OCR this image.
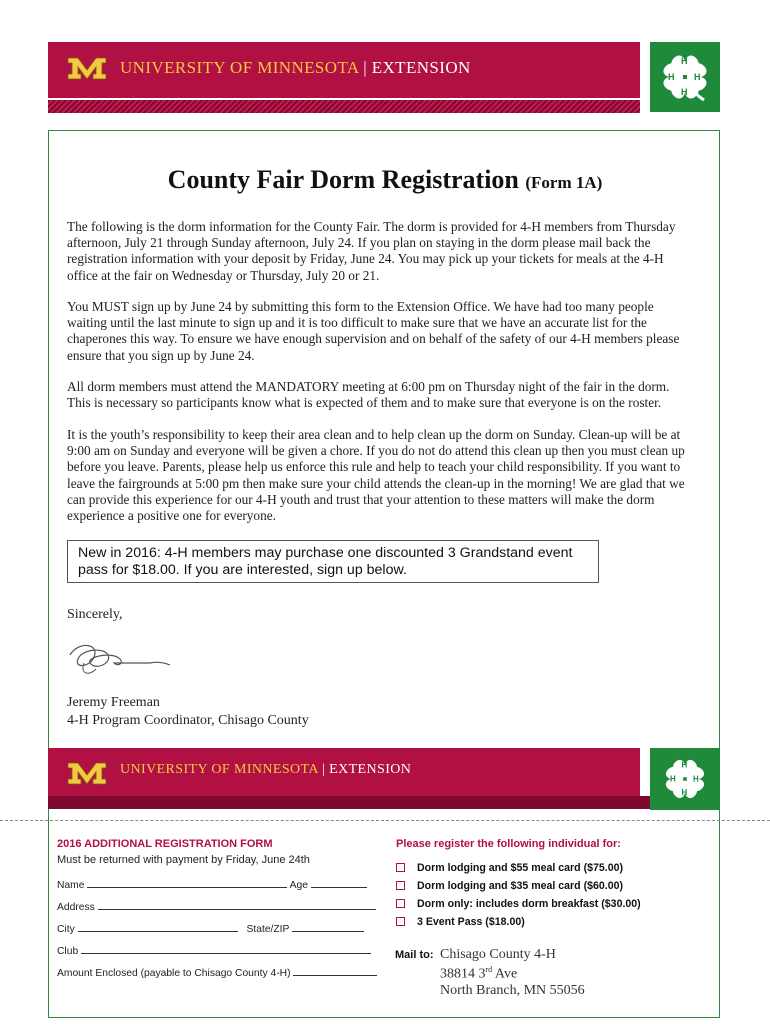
UNIVERSITY OF MINNESOTA | EXTENSION	H
H
H
H
County Fair Dorm Registration (Form 1A)

The following is the dorm information for the County Fair. The dorm is provided for 4-H members from Thursday afternoon, July 21 through Sunday afternoon, July 24. If you plan on staying in the dorm please mail back the registration information with your deposit by Friday, June 24. You may pick up your tickets for meals at the 4-H office at the fair on Wednesday or Thursday, July 20 or 21.

You MUST sign up by June 24 by submitting this form to the Extension Office. We have had too many people waiting until the last minute to sign up and it is too difficult to make sure that we have an accurate list for the chaperones this way. To ensure we have enough supervision and on behalf of the safety of our 4-H members please ensure that you sign up by June 24.

All dorm members must attend the MANDATORY meeting at 6:00 pm on Thursday night of the fair in the dorm. This is necessary so participants know what is expected of them and to make sure that everyone is on the roster.

It is the youth’s responsibility to keep their area clean and to help clean up the dorm on Sunday. Clean-up will be at 9:00 am on Sunday and everyone will be given a chore. If you do not do attend this clean up then you must clean up before you leave. Parents, please help us enforce this rule and help to teach your child responsibility. If you want to leave the fairgrounds at 5:00 pm then make sure your child attends the clean-up in the morning! We are glad that we can provide this experience for our 4-H youth and trust that your attention to these matters will make the dorm experience a positive one for everyone.

New in 2016: 4-H members may purchase one discounted 3 Grandstand event pass for $18.00. If you are interested, sign up below.
Sincerely,
Jeremy Freeman
4-H Program Coordinator, Chisago County
UNIVERSITY OF MINNESOTA | EXTENSION	H
H
H
H
2016 ADDITIONAL REGISTRATION FORM
Must be returned with payment by Friday, June 24th
Name	Age
Address
City	State/ZIP
Club
Amount Enclosed (payable to Chisago County 4-H)
Please register the following individual for:
Dorm lodging and $55 meal card ($75.00)
Dorm lodging and $35 meal card ($60.00)
Dorm only: includes dorm breakfast ($30.00)
3 Event Pass ($18.00)
Mail to: Chisago County 4-H
38814 3rd Ave
North Branch, MN 55056
